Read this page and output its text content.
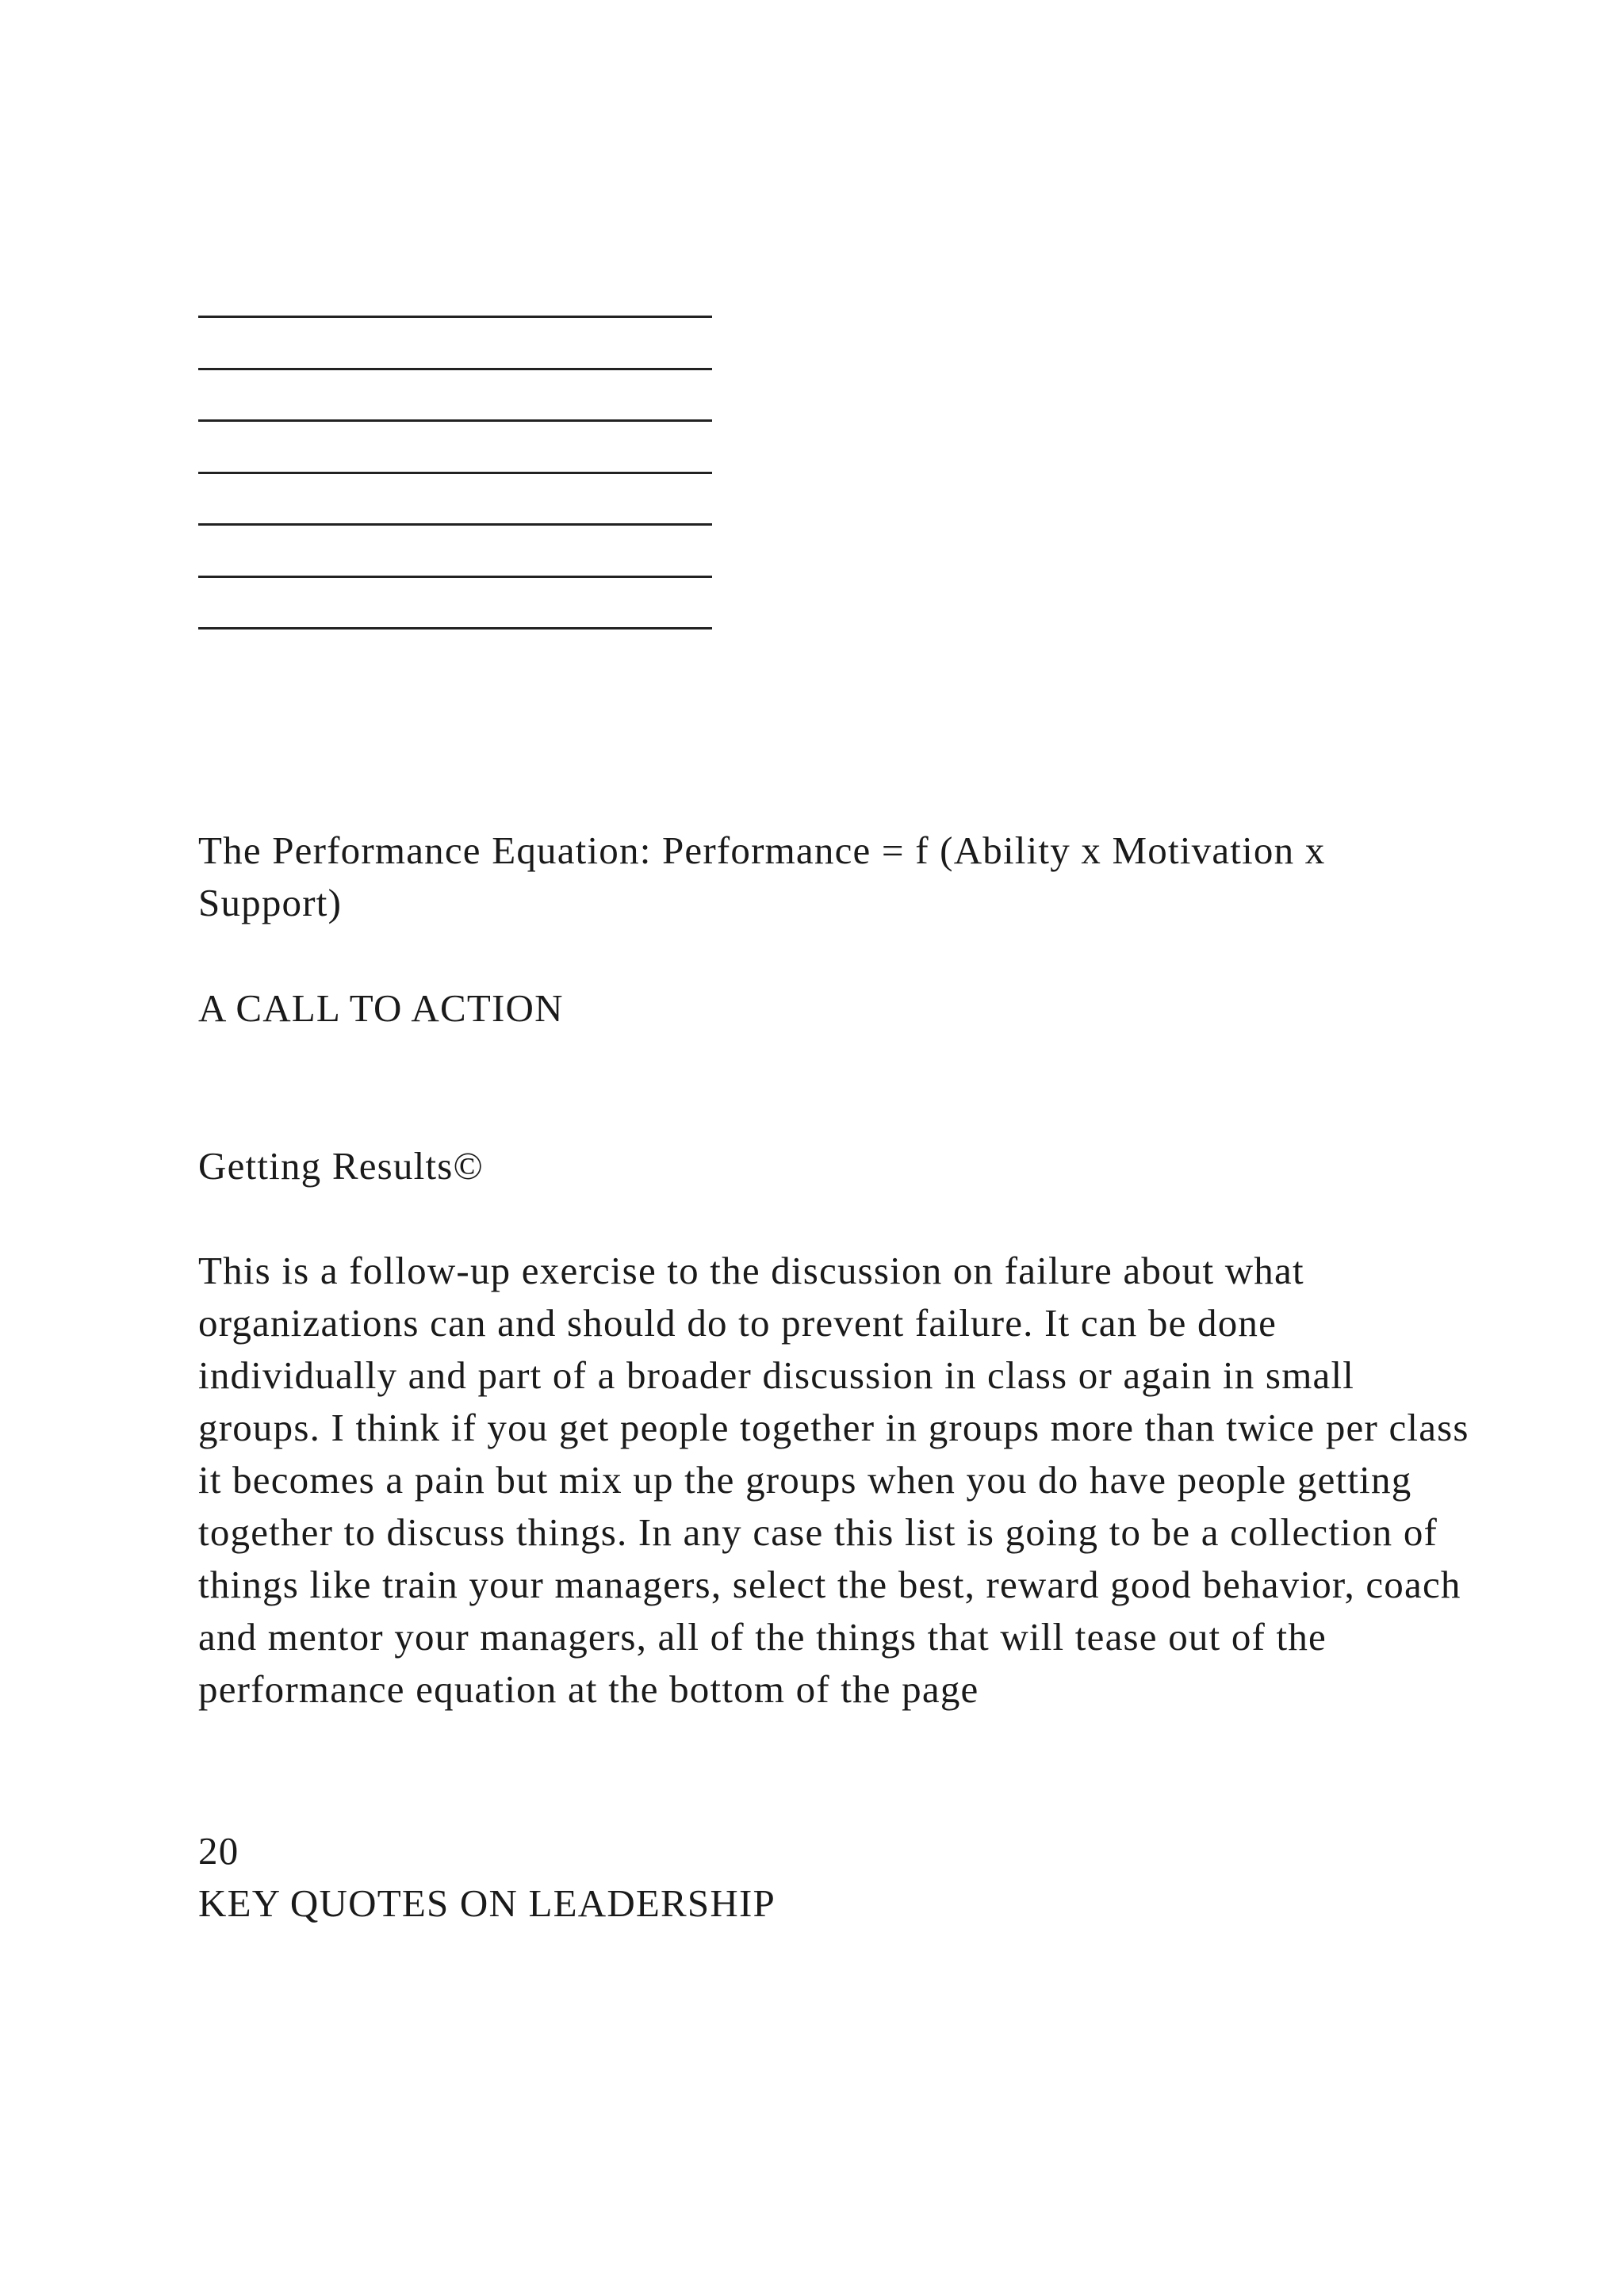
The Performance Equation: Performance = f (Ability x Motivation x Support)
A CALL TO ACTION
Getting Results©
This is a follow-up exercise to the discussion on failure about what organizations can and should do to prevent failure. It can be done individually and part of a broader discussion in class or again in small groups. I think if you get people together in groups more than twice per class it becomes a pain but mix up the groups when you do have people getting together to discuss things. In any case this list is going to be a collection of things like train your managers, select the best, reward good behavior, coach and mentor your managers, all of the things that will tease out of the performance equation at the bottom of the page
20
KEY QUOTES ON LEADERSHIP
